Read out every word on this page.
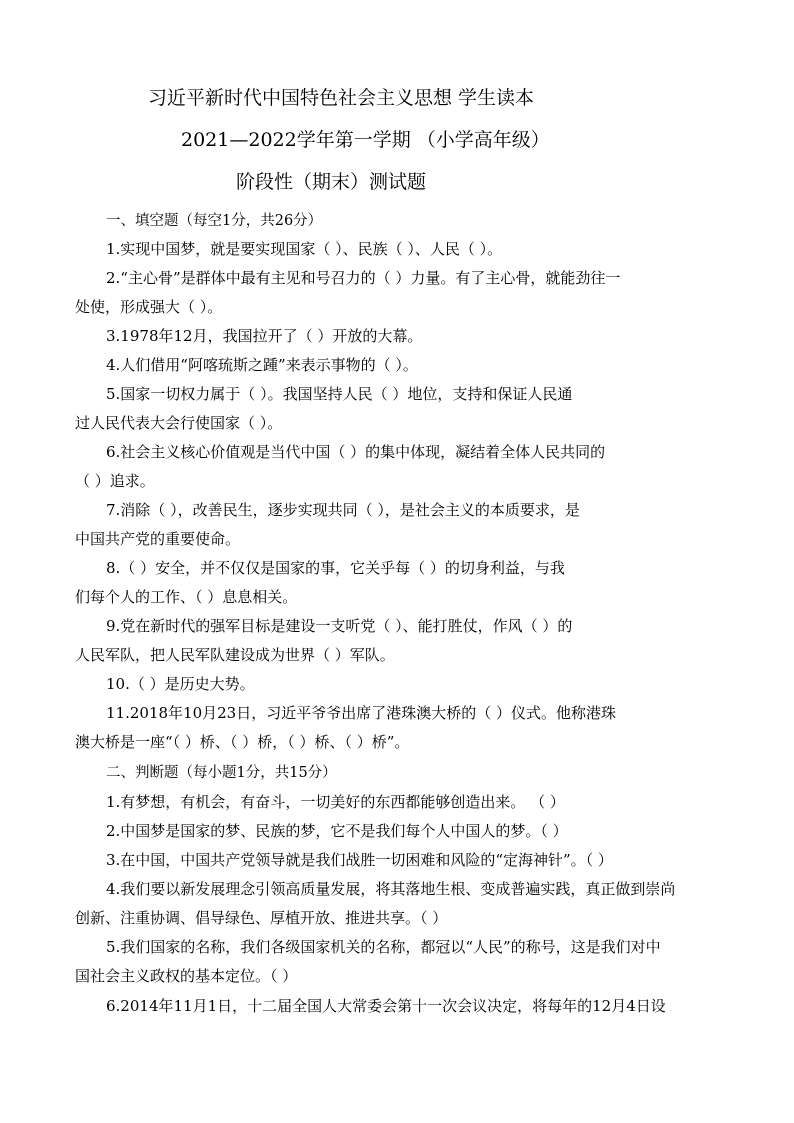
习近平新时代中国特色社会主义思想 学生读本
2021—2022学年第一学期 （小学高年级）
阶段性（期末）测试题
一、填空题（每空1分，共26分）
1.实现中国梦，就是要实现国家（ ）、民族（ ）、人民（ ）。
2.“主心骨”是群体中最有主见和号召力的（ ）力量。有了主心骨，就能劲往一
处使，形成强大（ ）。
3.1978年12月，我国拉开了（ ）开放的大幕。
4.人们借用“阿喀琉斯之踵”来表示事物的（ ）。
5.国家一切权力属于（ ）。我国坚持人民（ ）地位，支持和保证人民通
过人民代表大会行使国家（ ）。
6.社会主义核心价值观是当代中国（ ）的集中体现，凝结着全体人民共同的
（ ）追求。
7.消除（ ），改善民生，逐步实现共同（ ），是社会主义的本质要求，是
中国共产党的重要使命。
8.（ ）安全，并不仅仅是国家的事，它关乎每（ ）的切身利益，与我
们每个人的工作、（ ）息息相关。
9.党在新时代的强军目标是建设一支听党（ ）、能打胜仗，作风（ ）的
人民军队，把人民军队建设成为世界（ ）军队。
10.（ ）是历史大势。
11.2018年10月23日，习近平爷爷出席了港珠澳大桥的（ ）仪式。他称港珠
澳大桥是一座“（ ）桥、（ ）桥，（ ）桥、（ ）桥”。
二、判断题（每小题1分，共15分）
1.有梦想，有机会，有奋斗，一切美好的东西都能够创造出来。 （ ）
2.中国梦是国家的梦、民族的梦，它不是我们每个人中国人的梦。（ ）
3.在中国，中国共产党领导就是我们战胜一切困难和风险的“定海神针”。（ ）
4.我们要以新发展理念引领高质量发展，将其落地生根、变成普遍实践，真正做到崇尚
创新、注重协调、倡导绿色、厚植开放、推进共享。（ ）
5.我们国家的名称，我们各级国家机关的名称，都冠以“人民”的称号，这是我们对中
国社会主义政权的基本定位。（ ）
6.2014年11月1日，十二届全国人大常委会第十一次会议决定，将每年的12月4日设
